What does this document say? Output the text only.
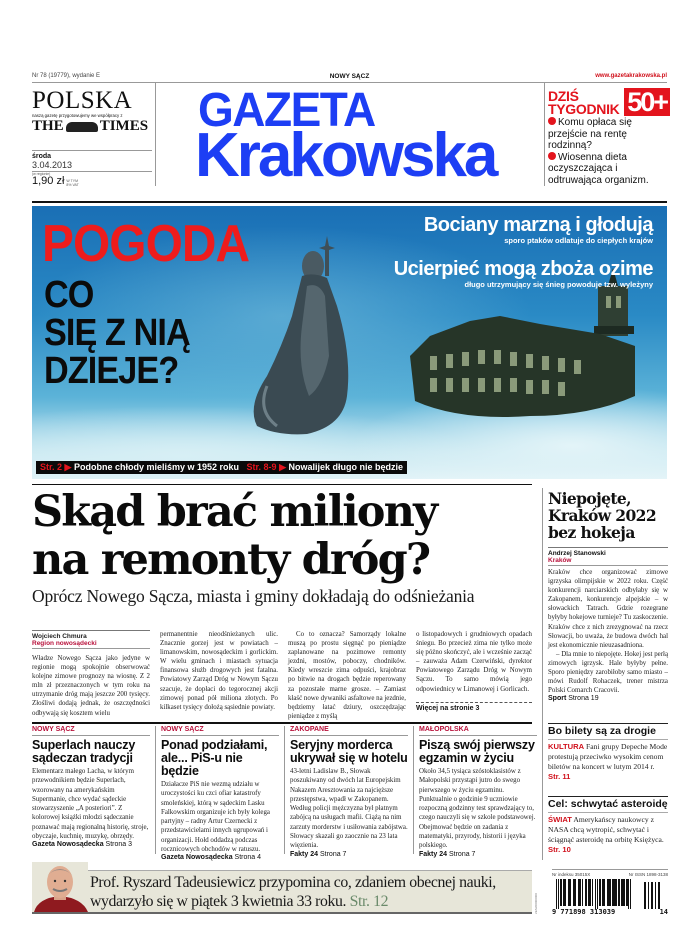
Nr 78 (19779), wydanie E	NOWY SĄCZ	www.gazetakrakowska.pl
POLSKA
naszą gazetę przygotowujemy we współpracy z
THE TIMES
środa
3.04.2013
(w regionie)
1,90 zł W TYM
8% VAT
GAZETA
Krakowska
DZIŚ
TYGODNIK 50+
Komu opłaca się przejście na rentę rodzinną?
Wiosenna dieta oczyszczająca i odtruwająca organizm.
POGODA
CO
SIĘ Z NIĄ
DZIEJE?
Bociany marzną i głodują
sporo ptaków odlatuje do ciepłych krajów
Ucierpieć mogą zboża ozime
długo utrzymujący się śnieg powoduje tzw. wyleżyny
Str. 2 ▶ Podobne chłody mieliśmy w 1952 roku Str. 8-9 ▶ Nowalijek długo nie będzie
Skąd brać miliony
na remonty dróg?
Oprócz Nowego Sącza, miasta i gminy dokładają do odśnieżania
Wojciech Chmura
Region nowosądecki
Władze Nowego Sącza jako jedyne w regionie mogą spokojnie obserwować kolejne zimowe prognozy na wiosnę. Z 2 mln zł przeznaczonych w tym roku na utrzymanie dróg mają jeszcze 200 tysięcy. Złośliwi dodają jednak, że oszczędności odbywają się kosztem wielu
permanentnie nieodśnieżanych ulic. Znacznie gorzej jest w powiatach – limanowskim, nowosądeckim i gorlickim. W wielu gminach i miastach sytuacja finansowa służb drogowych jest fatalna. Powiatowy Zarząd Dróg w Nowym Sączu szacuje, że dopłaci do tegorocznej akcji zimowej ponad pół miliona złotych. Po kilkaset tysięcy dołożą sąsiednie powiaty.
Co to oznacza? Samorządy lokalne muszą po prostu sięgnąć po pieniądze zaplanowane na pozimowe remonty jezdni, mostów, poboczy, chodników. Kiedy wreszcie zima odpuści, krajobraz po bitwie na drogach będzie reperowany za pozostałe marne grosze. – Zamiast kłaść nowe dywaniki asfaltowe na jezdnie, będziemy łatać dziury, oszczędzając pieniądze z myślą
o listopadowych i grudniowych opadach śniegu. Bo przecież zima nie tylko może się późno skończyć, ale i wcześnie zacząć – zauważa Adam Czerwiński, dyrektor Powiatowego Zarządu Dróg w Nowym Sączu. To samo mówią jego odpowiednicy w Limanowej i Gorlicach.
Więcej na stronie 3
Niepojęte, Kraków 2022 bez hokeja
Andrzej Stanowski
Kraków

Kraków chce organizować zimowe igrzyska olimpijskie w 2022 roku. Część konkurencji narciarskich odbyłaby się w Zakopanem, konkurencje alpejskie – w słowackich Tatrach. Gdzie rozegrane byłyby hokejowe turnieje? Tu zaskoczenie. Kraków chce z nich zrezygnować na rzecz Słowacji, bo uważa, że budowa dwóch hal jest ekonomicznie nieuzasadniona.

– Dla mnie to niepojęte. Hokej jest perłą zimowych igrzysk. Hale byłyby pełne. Sporo pieniędzy zarobiłoby samo miasto – mówi Rudolf Rohaczek, trener mistrza Polski Comarch Cracovii.

Sport Strona 19
Bo bilety są za drogie
KULTURA Fani grupy Depeche Mode protestują przeciwko wysokim cenom biletów na koncert w lutym 2014 r. Str. 11
Cel: schwytać asteroidę
ŚWIAT Amerykańscy naukowcy z NASA chcą wytropić, schwytać i ściągnąć asteroidę na orbitę Księżyca. Str. 10
NOWY SĄCZ
Superlach nauczy sądeczan tradycji
Elementarz małego Lacha, w którym przewodnikiem będzie Superlach, wzorowany na amerykańskim Supermanie, chce wydać sądeckie stowarzyszenie „A posteriori”. Z kolorowej książki młodzi sądeczanie poznawać mają regionalną historię, stroje, obyczaje, kuchnię, muzykę, obrzędy.
Gazeta Nowosądecka Strona 3
NOWY SĄCZ
Ponad podziałami, ale... PiS-u nie będzie
Działacze PiS nie wezmą udziału w uroczystości ku czci ofiar katastrofy smoleńskiej, którą w sądeckim Lasku Falkowskim organizuje ich były kolega partyjny – radny Artur Czernecki z przedstawicielami innych ugrupowań i organizacji. Hołd oddadzą podczas rocznicowych obchodów w ratuszu.
Gazeta Nowosądecka Strona 4
ZAKOPANE
Seryjny morderca ukrywał się w hotelu
43-letni Ladislaw B., Słowak poszukiwany od dwóch lat Europejskim Nakazem Aresztowania za najcięższe przestępstwa, wpadł w Zakopanem. Według policji mężczyzna był płatnym zabójcą na usługach mafii. Ciążą na nim zarzuty morderstw i usiłowania zabójstwa. Słowacy skazali go zaocznie na 23 lata więzienia.
Fakty 24 Strona 7
MAŁOPOLSKA
Piszą swój pierwszy egzamin w życiu
Około 34,5 tysiąca szóstoklasistów z Małopolski przystąpi jutro do swego pierwszego w życiu egzaminu. Punktualnie o godzinie 9 uczniowie rozpoczną godzinny test sprawdzający to, czego nauczyli się w szkole podstawowej. Obejmować będzie on zadania z matematyki, przyrody, historii i języka polskiego.
Fakty 24 Strona 7
Prof. Ryszard Tadeusiewicz przypomina co, zdaniem obecnej nauki, wydarzyło się w piątek 3 kwietnia 33 roku. Str. 12	ZESZ00000000
Nr indeksu 35015X	Nr ISSN 1898-3138
9 771898 313039	14
